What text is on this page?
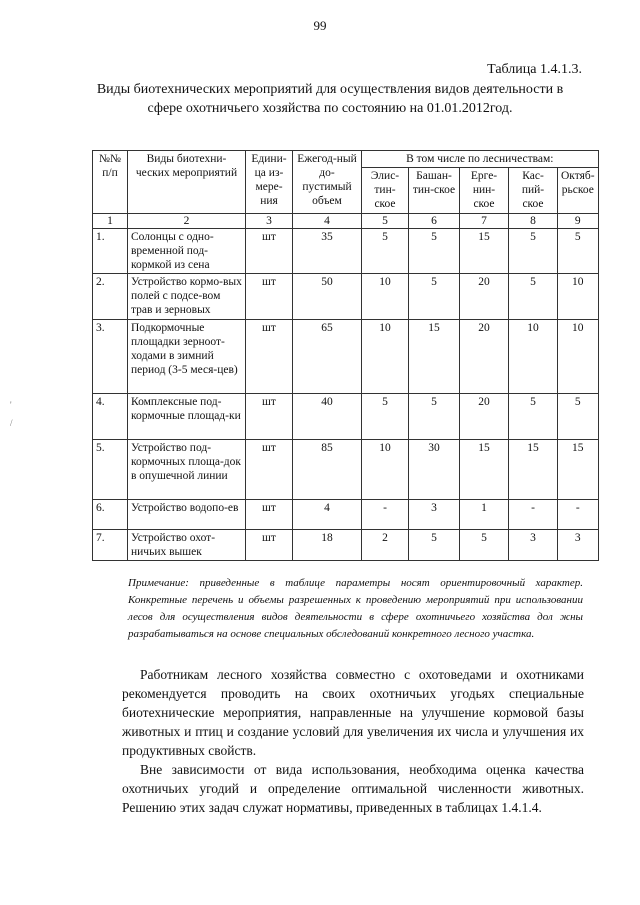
99
Таблица 1.4.1.3.
Виды биотехнических мероприятий для осуществления видов деятельности в сфере охотничьего хозяйства по состоянию на 01.01.2012год.
'
/
№№ п/п	Виды биотехни-ческих мероприятий	Едини-ца из-мере-ния	Ежегод-ный до-пустимый объем	В том числе по лесничествам:				
				Элис-тин-ское	Башан-тин-ское	Ерге-нин-ское	Кас-пий-ское	Октяб-рьское
1	2	3	4	5	6	7	8	9
1.	Солонцы с одно-временной под-кормкой из сена	шт	35	5	5	15	5	5
2.	Устройство кормо-вых полей с подсе-вом трав и зерновых	шт	50	10	5	20	5	10
3.	Подкормочные площадки зерноот-ходами в зимний период (3-5 меся-цев)	шт	65	10	15	20	10	10
4.	Комплексные под-кормочные площад-ки	шт	40	5	5	20	5	5
5.	Устройство под-кормочных площа-док в опушечной линии	шт	85	10	30	15	15	15
6.	Устройство водопо-ев	шт	4	-	3	1	-	-
7.	Устройство охот-ничьих вышек	шт	18	2	5	5	3	3
Примечание: приведенные в таблице параметры носят ориентировочный характер. Конкретные перечень и объемы разрешенных к проведению мероприятий при использовании лесов для осуществления видов деятельности в сфере охотничьего хозяйства дол жны разрабатываться на основе специальных обследований конкретного лесного участка.

Работникам лесного хозяйства совместно с охотоведами и охотниками рекомендуется проводить на своих охотничьих угодьях специальные биотехнические мероприятия, направленные на улучшение кормовой базы животных и птиц и создание условий для увеличения их числа и улучшения их продуктивных свойств.

Вне зависимости от вида использования, необходима оценка качества охотничьих угодий и определение оптимальной численности животных. Решению этих задач служат нормативы, приведенных в таблицах 1.4.1.4.
